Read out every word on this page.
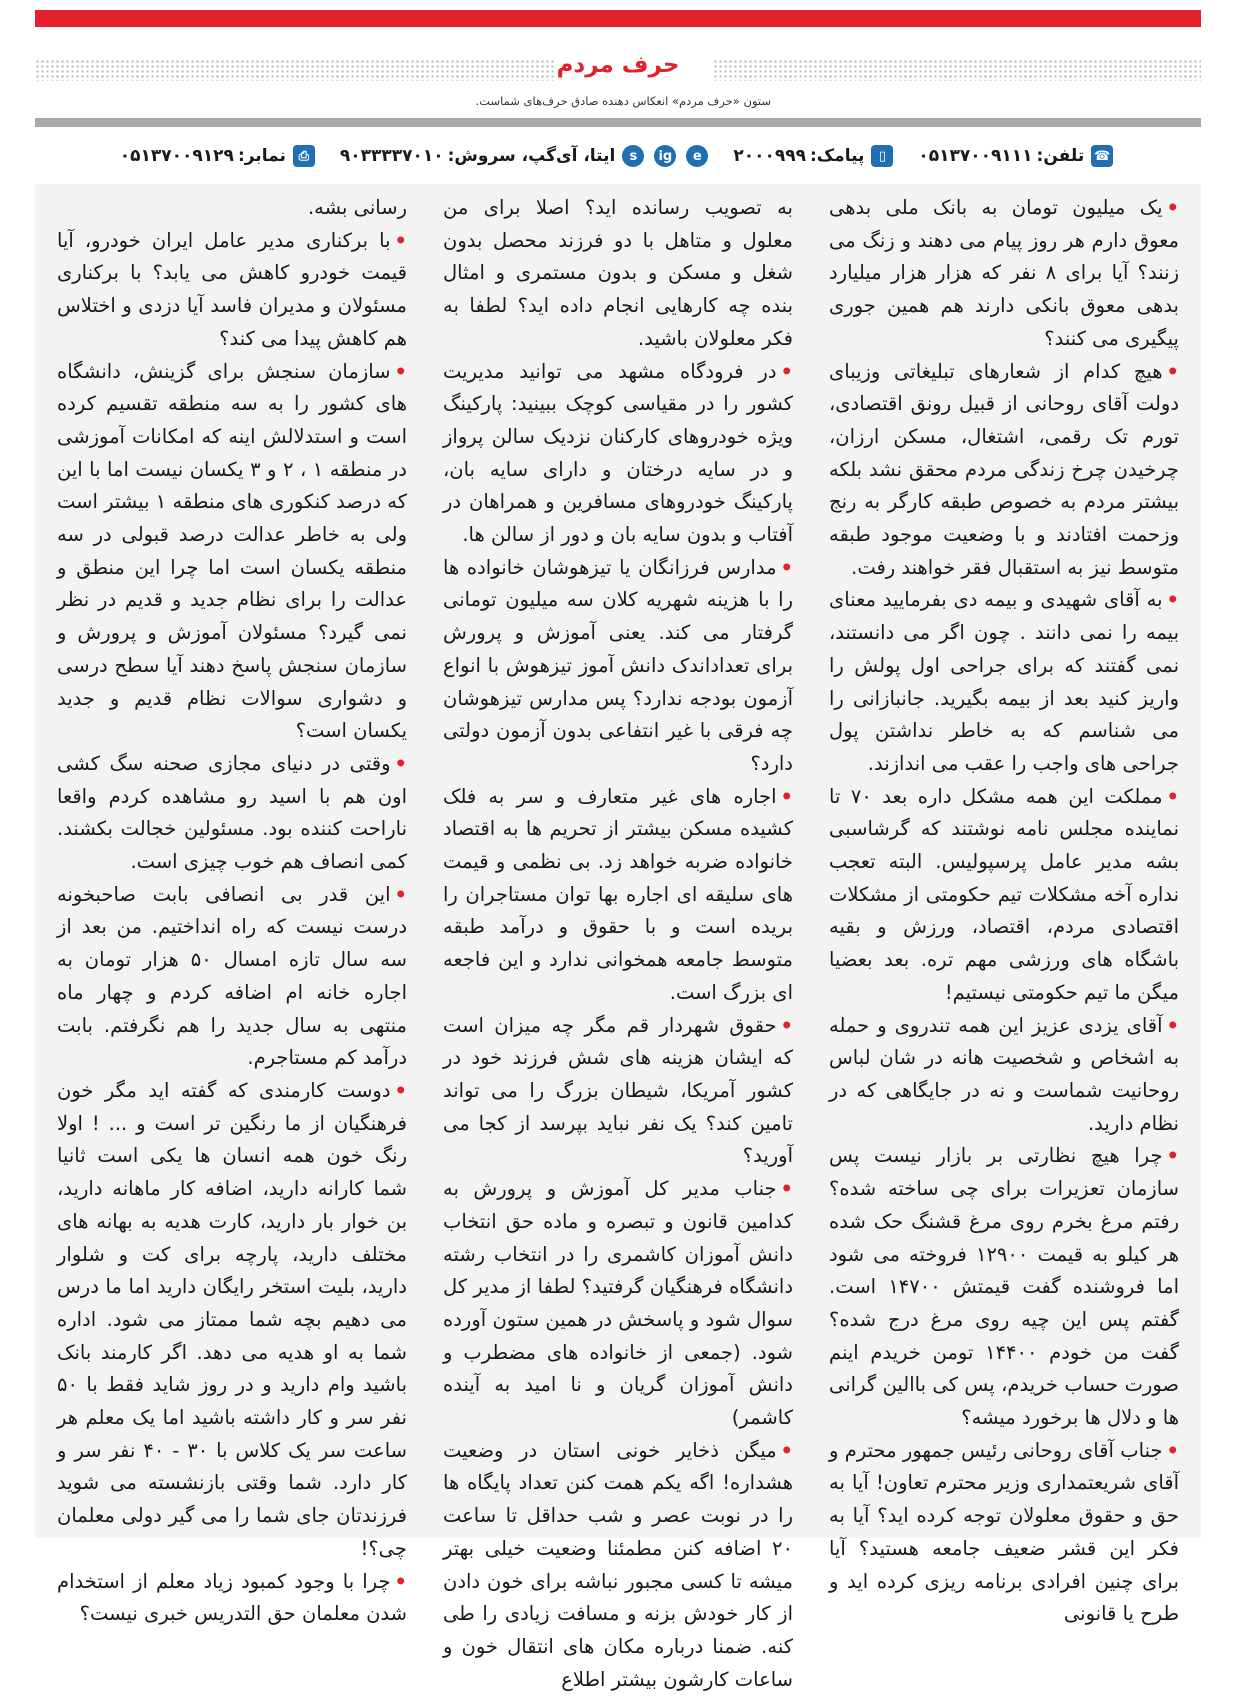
حرف مردم
ستون «حرف مردم» انعکاس دهنده صادق حرف‌های شماست.
☎
تلفن:
۰۵۱۳۷۰۰۹۱۱۱
▯
پیامک:
۲۰۰۰۹۹۹
e
ig
s
ایتا، آی‌گپ، سروش:
۹۰۳۳۳۳۷۰۱۰
⎙
نمابر:
۰۵۱۳۷۰۰۹۱۲۹

•یک میلیون تومان به بانک ملی بدهی معوق دارم هر روز پیام می دهند و زنگ می زنند؟ آیا برای ۸ نفر که هزار هزار میلیارد بدهی معوق بانکی دارند هم همین جوری پیگیری می کنند؟

•هیچ کدام از شعارهای تبلیغاتی وزیبای دولت آقای روحانی از قبیل رونق اقتصادی، تورم تک رقمی، اشتغال، مسکن ارزان، چرخیدن چرخ زندگی مردم محقق نشد بلکه بیشتر مردم به خصوص طبقه کارگر به رنج وزحمت افتادند و با وضعیت موجود طبقه متوسط نیز به استقبال فقر خواهند رفت.

•به آقای شهیدی و بیمه دی بفرمایید معنای بیمه را نمی دانند . چون اگر می دانستند، نمی گفتند که برای جراحی اول پولش را واریز کنید بعد از بیمه بگیرید. جانبازانی را می شناسم که به خاطر نداشتن پول جراحی های واجب را عقب می اندازند.

•مملکت این همه مشکل داره بعد ۷۰ تا نماینده مجلس نامه نوشتند که گرشاسبی بشه مدیر عامل پرسپولیس. البته تعجب نداره آخه مشکلات تیم حکومتی از مشکلات اقتصادی مردم، اقتصاد، ورزش و بقیه باشگاه های ورزشی مهم تره. بعد بعضیا میگن ما تیم حکومتی نیستیم!

•آقای یزدی عزیز این همه تندروی و حمله به اشخاص و شخصیت هانه در شان لباس روحانیت شماست و نه در جایگاهی که در نظام دارید.

•چرا هیچ نظارتی بر بازار نیست پس سازمان تعزیرات برای چی ساخته شده؟ رفتم مرغ بخرم روی مرغ قشنگ حک شده هر کیلو به قیمت ۱۲۹۰۰ فروخته می شود اما فروشنده گفت قیمتش ۱۴۷۰۰ است. گفتم پس این چیه روی مرغ درج شده؟ گفت من خودم ۱۴۴۰۰ تومن خریدم اینم صورت حساب خریدم، پس کی باالین گرانی ها و دلال ها برخورد میشه؟

•جناب آقای روحانی رئیس جمهور محترم و آقای شریعتمداری وزیر محترم تعاون! آیا به حق و حقوق معلولان توجه کرده اید؟ آیا به فکر این قشر ضعیف جامعه هستید؟ آیا برای چنین افرادی برنامه ریزی کرده اید و طرح یا قانونی

به تصویب رسانده اید؟ اصلا برای من معلول و متاهل با دو فرزند محصل بدون شغل و مسکن و بدون مستمری و امثال بنده چه کارهایی انجام داده اید؟ لطفا به فکر معلولان باشید.

•در فرودگاه مشهد می توانید مدیریت کشور را در مقیاسی کوچک ببینید: پارکینگ ویژه خودروهای کارکنان نزدیک سالن پرواز و در سایه درختان و دارای سایه بان، پارکینگ خودروهای مسافرین و همراهان در آفتاب و بدون سایه بان و دور از سالن ها.

•مدارس فرزانگان یا تیزهوشان خانواده ها را با هزینه شهریه کلان سه میلیون تومانی گرفتار می کند. یعنی آموزش و پرورش برای تعداداندک دانش آموز تیزهوش با انواع آزمون بودجه ندارد؟ پس مدارس تیزهوشان چه فرقی با غیر انتفاعی بدون آزمون دولتی دارد؟

•اجاره های غیر متعارف و سر به فلک کشیده مسکن بیشتر از تحریم ها به اقتصاد خانواده ضربه خواهد زد. بی نظمی و قیمت های سلیقه ای اجاره بها توان مستاجران را بریده است و با حقوق و درآمد طبقه متوسط جامعه همخوانی ندارد و این فاجعه ای بزرگ است.

•حقوق شهردار قم مگر چه میزان است که ایشان هزینه های شش فرزند خود در کشور آمریکا، شیطان بزرگ را می تواند تامین کند؟ یک نفر نباید بپرسد از کجا می آورید؟

•جناب مدیر کل آموزش و پرورش به کدامین قانون و تبصره و ماده حق انتخاب دانش آموزان کاشمری را در انتخاب رشته دانشگاه فرهنگیان گرفتید؟ لطفا از مدیر کل سوال شود و پاسخش در همین ستون آورده شود. (جمعی از خانواده های مضطرب و دانش آموزان گریان و نا امید به آینده کاشمر)

•میگن ذخایر خونی استان در وضعیت هشداره! اگه یکم همت کنن تعداد پایگاه ها را در نوبت عصر و شب حداقل تا ساعت ۲۰ اضافه کنن مطمئنا وضعیت خیلی بهتر میشه تا کسی مجبور نباشه برای خون دادن از کار خودش بزنه و مسافت زیادی را طی کنه. ضمنا درباره مکان های انتقال خون و ساعات کارشون بیشتر اطلاع

رسانی بشه.

•با برکناری مدیر عامل ایران خودرو، آیا قیمت خودرو کاهش می یابد؟ با برکناری مسئولان و مدیران فاسد آیا دزدی و اختلاس هم کاهش پیدا می کند؟

•سازمان سنجش برای گزینش، دانشگاه های کشور را به سه منطقه تقسیم کرده است و استدلالش اینه که امکانات آموزشی در منطقه ۱ ، ۲ و ۳ یکسان نیست اما با این که درصد کنکوری های منطقه ۱ بیشتر است ولی به خاطر عدالت درصد قبولی در سه منطقه یکسان است اما چرا این منطق و عدالت را برای نظام جدید و قدیم در نظر نمی گیرد؟ مسئولان آموزش و پرورش و سازمان سنجش پاسخ دهند آیا سطح درسی و دشواری سوالات نظام قدیم و جدید یکسان است؟

•وقتی در دنیای مجازی صحنه سگ کشی اون هم با اسید رو مشاهده کردم واقعا ناراحت کننده بود. مسئولین خجالت بکشند. کمی انصاف هم خوب چیزی است.

•این قدر بی انصافی بابت صاحبخونه درست نیست که راه انداختیم. من بعد از سه سال تازه امسال ۵۰ هزار تومان به اجاره خانه ام اضافه کردم و چهار ماه منتهی به سال جدید را هم نگرفتم. بابت درآمد کم مستاجرم.

•دوست کارمندی که گفته اید مگر خون فرهنگیان از ما رنگین تر است و ... ! اولا رنگ خون همه انسان ها یکی است ثانیا شما کارانه دارید، اضافه کار ماهانه دارید، بن خوار بار دارید، کارت هدیه به بهانه های مختلف دارید، پارچه برای کت و شلوار دارید، بلیت استخر رایگان دارید اما ما درس می دهیم بچه شما ممتاز می شود. اداره شما به او هدیه می دهد. اگر کارمند بانک باشید وام دارید و در روز شاید فقط با ۵۰ نفر سر و کار داشته باشید اما یک معلم هر ساعت سر یک کلاس با ۳۰ - ۴۰ نفر سر و کار دارد. شما وقتی بازنشسته می شوید فرزندتان جای شما را می گیر دولی معلمان چی؟!

•چرا با وجود کمبود زیاد معلم از استخدام شدن معلمان حق التدریس خبری نیست؟
